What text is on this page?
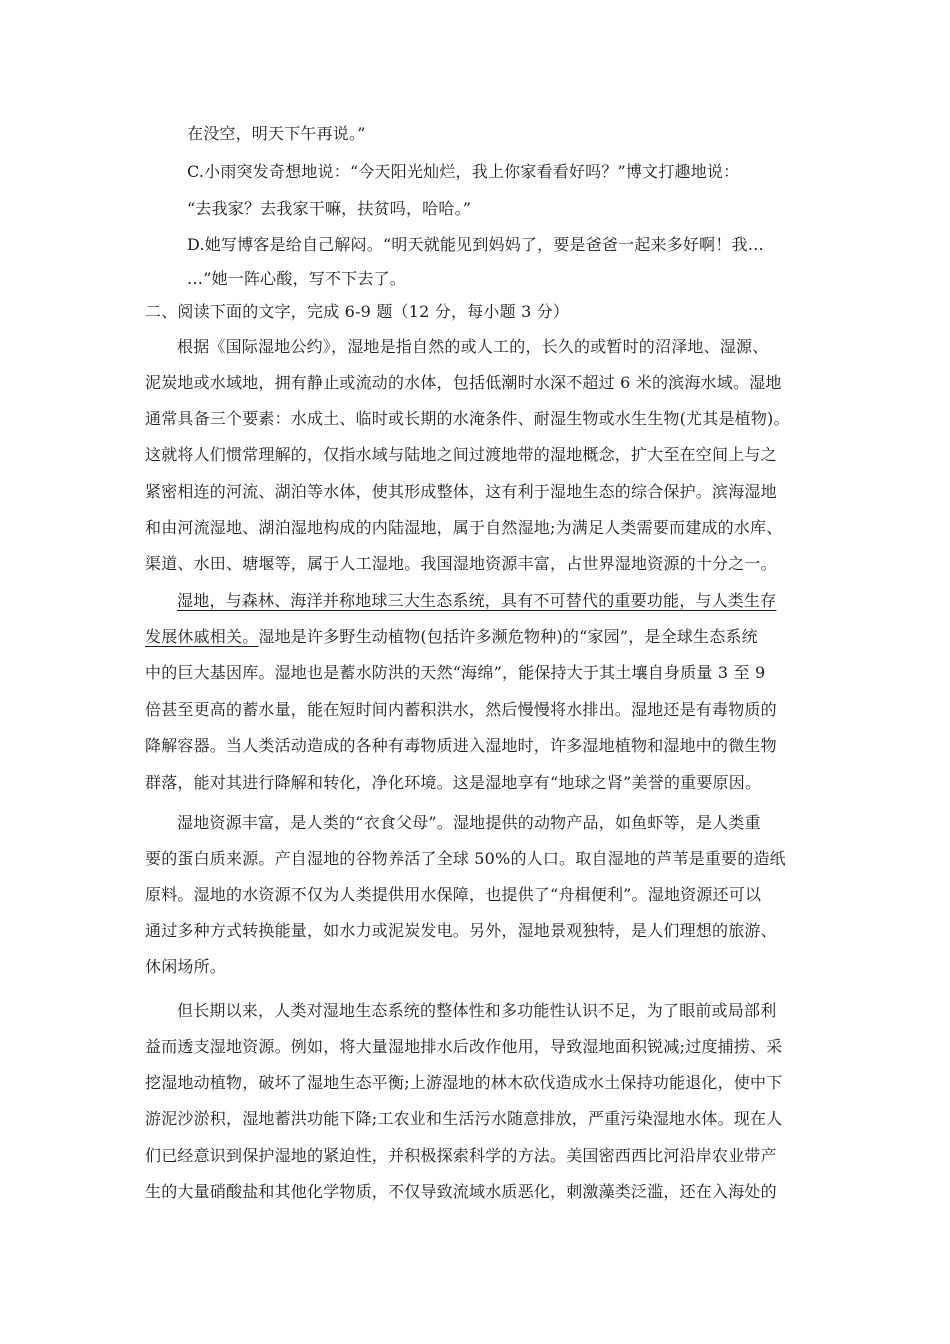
在没空，明天下午再说。”
C.小雨突发奇想地说：“今天阳光灿烂，我上你家看看好吗？”博文打趣地说：
“去我家？去我家干嘛，扶贫吗，哈哈。”
D.她写博客是给自己解闷。“明天就能见到妈妈了，要是爸爸一起来多好啊！我…
…”她一阵心酸，写不下去了。
二、阅读下面的文字，完成 6-9 题（12 分，每小题 3 分）
根据《国际湿地公约》，湿地是指自然的或人工的，长久的或暂时的沼泽地、湿源、
泥炭地或水域地，拥有静止或流动的水体，包括低潮时水深不超过 6 米的滨海水域。湿地
通常具备三个要素：水成土、临时或长期的水淹条件、耐湿生物或水生生物(尤其是植物)。
这就将人们惯常理解的，仅指水域与陆地之间过渡地带的湿地概念，扩大至在空间上与之
紧密相连的河流、湖泊等水体，使其形成整体，这有利于湿地生态的综合保护。滨海湿地
和由河流湿地、湖泊湿地构成的内陆湿地，属于自然湿地;为满足人类需要而建成的水库、
渠道、水田、塘堰等，属于人工湿地。我国湿地资源丰富，占世界湿地资源的十分之一。
湿地，与森林、海洋并称地球三大生态系统，具有不可替代的重要功能，与人类生存
发展休戚相关。湿地是许多野生动植物(包括许多濒危物种)的“家园”，是全球生态系统
中的巨大基因库。湿地也是蓄水防洪的天然“海绵”，能保持大于其土壤自身质量 3 至 9
倍甚至更高的蓄水量，能在短时间内蓄积洪水，然后慢慢将水排出。湿地还是有毒物质的
降解容器。当人类活动造成的各种有毒物质进入湿地时，许多湿地植物和湿地中的微生物
群落，能对其进行降解和转化，净化环境。这是湿地享有“地球之肾”美誉的重要原因。
湿地资源丰富，是人类的“衣食父母”。湿地提供的动物产品，如鱼虾等，是人类重
要的蛋白质来源。产自湿地的谷物养活了全球 50%的人口。取自湿地的芦苇是重要的造纸
原料。湿地的水资源不仅为人类提供用水保障，也提供了“舟楫便利”。湿地资源还可以
通过多种方式转换能量，如水力或泥炭发电。另外，湿地景观独特，是人们理想的旅游、
休闲场所。
但长期以来，人类对湿地生态系统的整体性和多功能性认识不足，为了眼前或局部利
益而透支湿地资源。例如，将大量湿地排水后改作他用，导致湿地面积锐减;过度捕捞、采
挖湿地动植物，破坏了湿地生态平衡;上游湿地的林木砍伐造成水土保持功能退化，使中下
游泥沙淤积，湿地蓄洪功能下降;工农业和生活污水随意排放，严重污染湿地水体。现在人
们已经意识到保护湿地的紧迫性，并积极探索科学的方法。美国密西西比河沿岸农业带产
生的大量硝酸盐和其他化学物质，不仅导致流域水质恶化，刺激藻类泛滥，还在入海处的
